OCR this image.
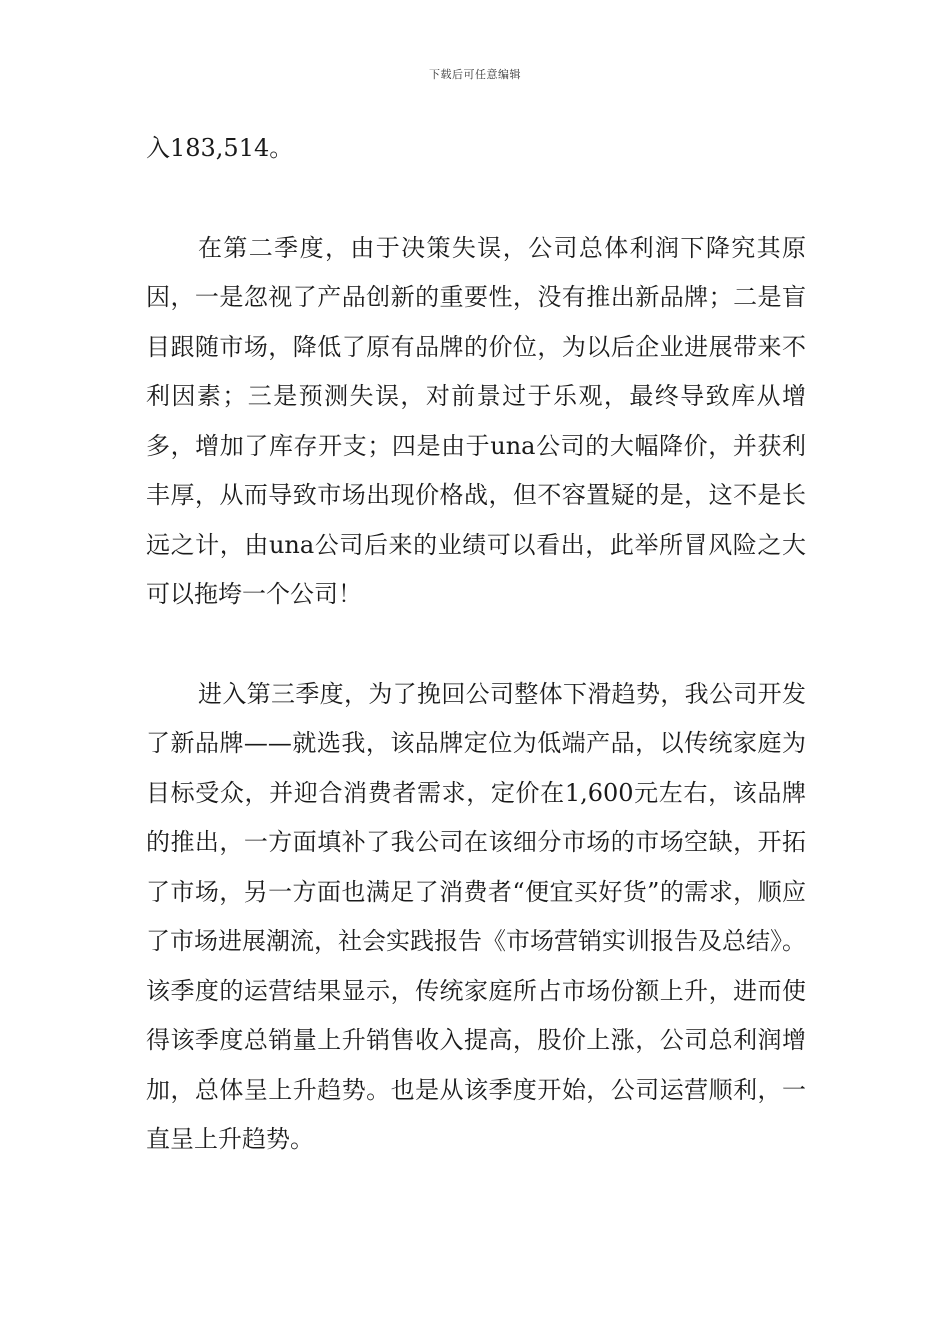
下载后可任意编辑

入183,514。

在第二季度，由于决策失误，公司总体利润下降究其原因，一是忽视了产品创新的重要性，没有推出新品牌；二是盲目跟随市场，降低了原有品牌的价位，为以后企业进展带来不利因素；三是预测失误，对前景过于乐观，最终导致库从增多，增加了库存开支；四是由于una公司的大幅降价，并获利丰厚，从而导致市场出现价格战，但不容置疑的是，这不是长远之计，由una公司后来的业绩可以看出，此举所冒风险之大可以拖垮一个公司！

进入第三季度，为了挽回公司整体下滑趋势，我公司开发了新品牌——就选我，该品牌定位为低端产品，以传统家庭为目标受众，并迎合消费者需求，定价在1,600元左右，该品牌的推出，一方面填补了我公司在该细分市场的市场空缺，开拓了市场，另一方面也满足了消费者“便宜买好货”的需求，顺应了市场进展潮流，社会实践报告《市场营销实训报告及总结》。该季度的运营结果显示，传统家庭所占市场份额上升，进而使得该季度总销量上升销售收入提高，股价上涨，公司总利润增加，总体呈上升趋势。也是从该季度开始，公司运营顺利，一直呈上升趋势。
